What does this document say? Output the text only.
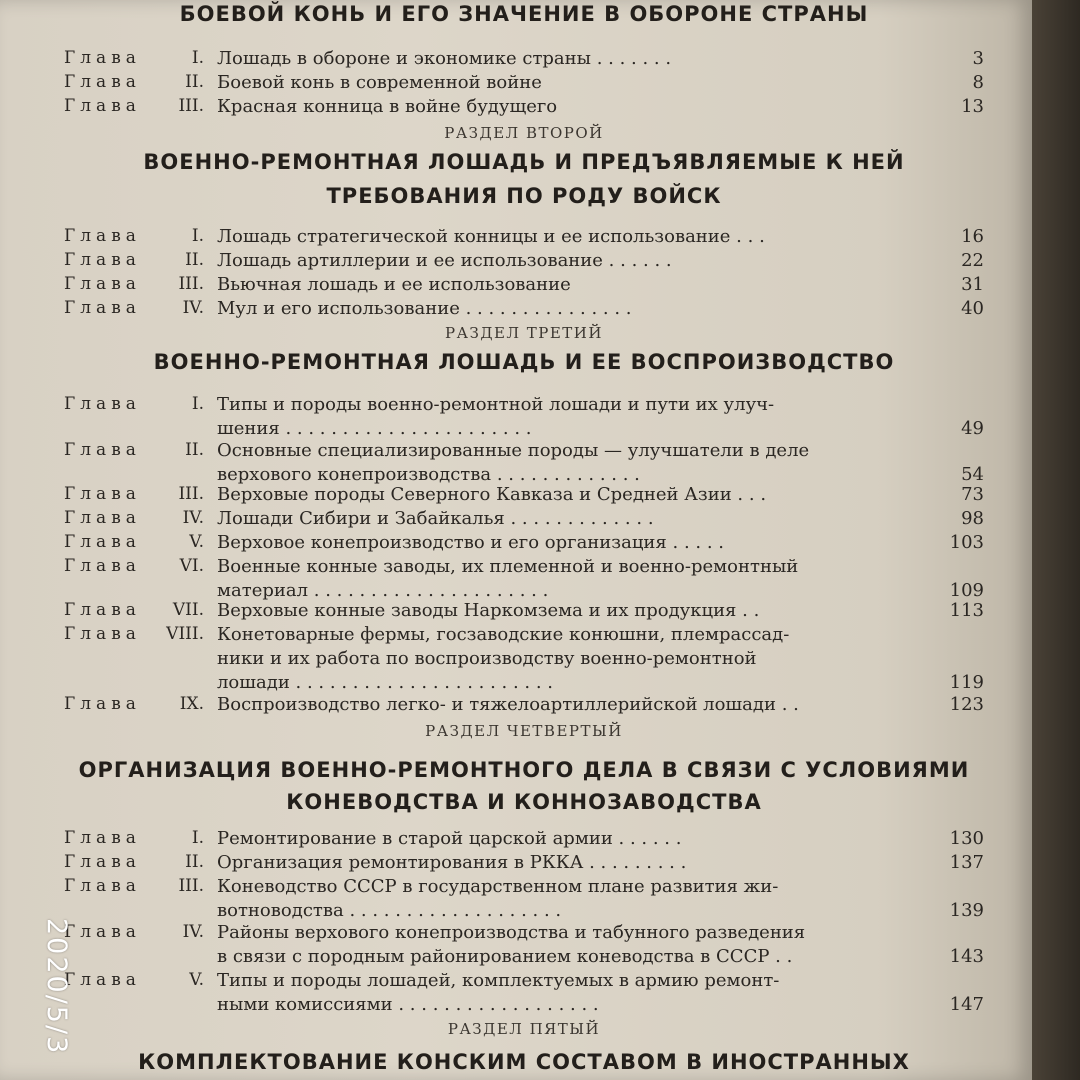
БОЕВОЙ КОНЬ И ЕГО ЗНАЧЕНИЕ В ОБОРОНЕ СТРАНЫ
Глава	I. Лошадь в обороне и экономике страны . . . . . . .	3
Глава	II. Боевой конь в современной войне	8
Глава	III. Красная конница в войне будущего	13
РАЗДЕЛ ВТОРОЙ
ВОЕННО-РЕМОНТНАЯ ЛОШАДЬ И ПРЕДЪЯВЛЯЕМЫЕ К НЕЙ
ТРЕБОВАНИЯ ПО РОДУ ВОЙСК
Глава	I. Лошадь стратегической конницы и ее использование . . .	16
Глава	II. Лошадь артиллерии и ее использование . . . . . .	22
Глава	III. Вьючная лошадь и ее использование	31
Глава	IV. Мул и его использование . . . . . . . . . . . . . . .	40
РАЗДЕЛ ТРЕТИЙ
ВОЕННО-РЕМОНТНАЯ ЛОШАДЬ И ЕЕ ВОСПРОИЗВОДСТВО
Глава	I. Типы и породы военно-ремонтной лошади и пути их улуч-
шения . . . . . . . . . . . . . . . . . . . . . .	49
Глава	II. Основные специализированные породы — улучшатели в деле
верхового конепроизводства . . . . . . . . . . . . .	54
Глава	III. Верховые породы Северного Кавказа и Средней Азии . . .	73
Глава	IV. Лошади Сибири и Забайкалья . . . . . . . . . . . . .	98
Глава	V. Верховое конепроизводство и его организация . . . . .	103
Глава	VI. Военные конные заводы, их племенной и военно-ремонтный
материал . . . . . . . . . . . . . . . . . . . . .	109
Глава	VII. Верховые конные заводы Наркомзема и их продукция . .	113
Глава VIII. Конетоварные фермы, госзаводские конюшни, племрассад-
ники и их работа по воспроизводству военно-ремонтной
лошади . . . . . . . . . . . . . . . . . . . . . . .	119
Глава	IX. Воспроизводство легко- и тяжелоартиллерийской лошади . .	123
РАЗДЕЛ ЧЕТВЕРТЫЙ
ОРГАНИЗАЦИЯ ВОЕННО-РЕМОНТНОГО ДЕЛА В СВЯЗИ С УСЛОВИЯМИ
КОНЕВОДСТВА И КОННОЗАВОДСТВА
Глава	I. Ремонтирование в старой царской армии . . . . . .	130
Глава	II. Организация ремонтирования в РККА . . . . . . . . .	137
Глава	III. Коневодство СССР в государственном плане развития жи-
вотноводства . . . . . . . . . . . . . . . . . . .	139
Глава	IV. Районы верхового конепроизводства и табунного разведения
в связи с породным районированием коневодства в СССР . .	143
Глава	V. Типы и породы лошадей, комплектуемых в армию ремонт-
ными комиссиями . . . . . . . . . . . . . . . . . .	147
РАЗДЕЛ ПЯТЫЙ
КОМПЛЕКТОВАНИЕ КОНСКИМ СОСТАВОМ В ИНОСТРАННЫХ
2020/5/3
